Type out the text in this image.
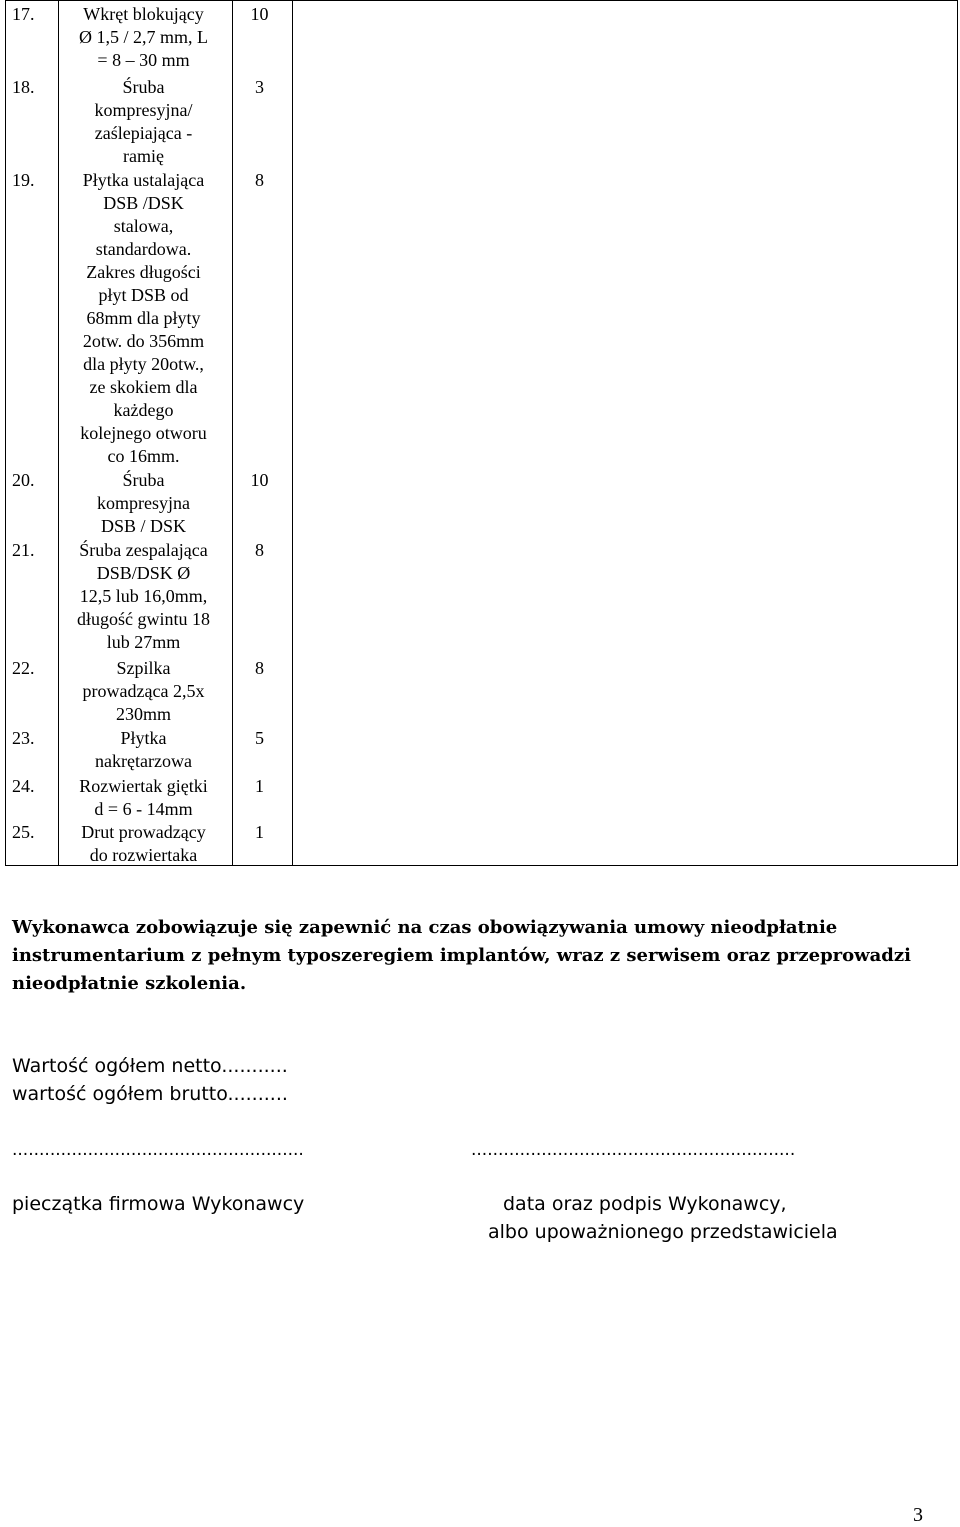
17.	Wkręt blokujący
Ø 1,5 / 2,7 mm, L
= 8 – 30 mm
10
18.	Śruba
kompresyjna/
zaślepiająca -
ramię
3
19.	Płytka ustalająca
DSB /DSK
stalowa,
standardowa.
Zakres długości
płyt DSB od
68mm dla płyty
2otw. do 356mm
dla płyty 20otw.,
ze skokiem dla
każdego
kolejnego otworu
co 16mm.
8
20.	Śruba
kompresyjna
DSB / DSK
10
21.	Śruba zespalająca
DSB/DSK Ø
12,5 lub 16,0mm,
długość gwintu 18
lub 27mm
8
22.	Szpilka
prowadząca 2,5x
230mm
8
23.	Płytka
nakrętarzowa
5
24.	Rozwiertak giętki
d = 6 - 14mm
1
25.	Drut prowadzący
do rozwiertaka
1
Wykonawca zobowiązuje się zapewnić na czas obowiązywania umowy nieodpłatnie instrumentarium z pełnym typoszeregiem implantów, wraz z serwisem oraz przeprowadzi nieodpłatnie szkolenia.
Wartość ogółem netto...........
wartość ogółem brutto..........
......................................................	............................................................
pieczątka firmowa Wykonawcy	data oraz podpis Wykonawcy,
albo upoważnionego przedstawiciela
3
